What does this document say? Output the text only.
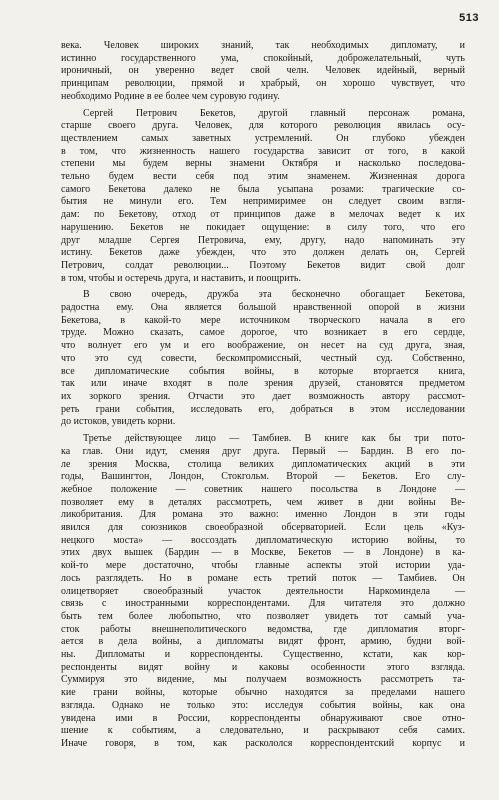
513
века. Человек широких знаний, так необходимых дипломату, и
истинно государственного ума, спокойный, доброжелательный, чуть
ироничный, он уверенно ведет свой челн. Человек идейный, верный
принципам революции, прямой и храбрый, он хорошо чувствует, что
необходимо Родине в ее более чем суровую годину.
Сергей Петрович Бекетов, другой главный персонаж романа,
старше своего друга. Человек, для которого революция явилась осу-
ществлением самых заветных устремлений. Он глубоко убежден
в том, что жизненность нашего государства зависит от того, в какой
степени мы будем верны знамени Октября и насколько последова-
тельно будем вести себя под этим знаменем. Жизненная дорога
самого Бекетова далеко не была усыпана розами: трагические со-
бытия не минули его. Тем непримиримее он следует своим взгля-
дам: по Бекетову, отход от принципов даже в мелочах ведет к их
нарушению. Бекетов не покидает ощущение: в силу того, что его
друг младше Сергея Петровича, ему, другу, надо напоминать эту
истину. Бекетов даже убежден, что это должен делать он, Сергей
Петрович, солдат революции... Поэтому Бекетов видит свой долг
в том, чтобы и остеречь друга, и наставить, и поощрить.
В свою очередь, дружба эта бесконечно обогащает Бекетова,
радостна ему. Она является большой нравственной опорой в жизни
Бекетова, в какой-то мере источником творческого начала в его
труде. Можно сказать, самое дорогое, что возникает в его сердце,
что волнует его ум и его воображение, он несет на суд друга, зная,
что это суд совести, бескомпромиссный, честный суд. Собственно,
все дипломатические события войны, в которые вторгается книга,
так или иначе входят в поле зрения друзей, становятся предметом
их зоркого зрения. Отчасти это дает возможность автору рассмот-
реть грани события, исследовать его, добраться в этом исследовании
до истоков, увидеть корни.
Третье действующее лицо — Тамбиев. В книге как бы три пото-
ка глав. Они идут, сменяя друг друга. Первый — Бардин. В его по-
ле зрения Москва, столица великих дипломатических акций в эти
годы, Вашингтон, Лондон, Стокгольм. Второй — Бекетов. Его слу-
жебное положение — советник нашего посольства в Лондоне —
позволяет ему в деталях рассмотреть, чем живет в дни войны Ве-
ликобритания. Для романа это важно: именно Лондон в эти годы
явился для союзников своеобразной обсерваторией. Если цель «Куз-
нецкого моста» — воссоздать дипломатическую историю войны, то
этих двух вышек (Бардин — в Москве, Бекетов — в Лондоне) в ка-
кой-то мере достаточно, чтобы главные аспекты этой истории уда-
лось разглядеть. Но в романе есть третий поток — Тамбиев. Он
олицетворяет своеобразный участок деятельности Наркоминдела —
связь с иностранными корреспондентами. Для читателя это должно
быть тем более любопытно, что позволяет увидеть тот самый уча-
сток работы внешнеполитического ведомства, где дипломатия вторг-
ается в дела войны, а дипломаты видят фронт, армию, будни вой-
ны. Дипломаты и корреспонденты. Существенно, кстати, как кор-
респонденты видят войну и каковы особенности этого взгляда.
Суммируя это видение, мы получаем возможность рассмотреть та-
кие грани войны, которые обычно находятся за пределами нашего
взгляда. Однако не только это: исследуя события войны, как она
увидена ими в России, корреспонденты обнаруживают свое отно-
шение к событиям, а следовательно, и раскрывают себя самих.
Иначе говоря, в том, как раскололся корреспондентский корпус и
